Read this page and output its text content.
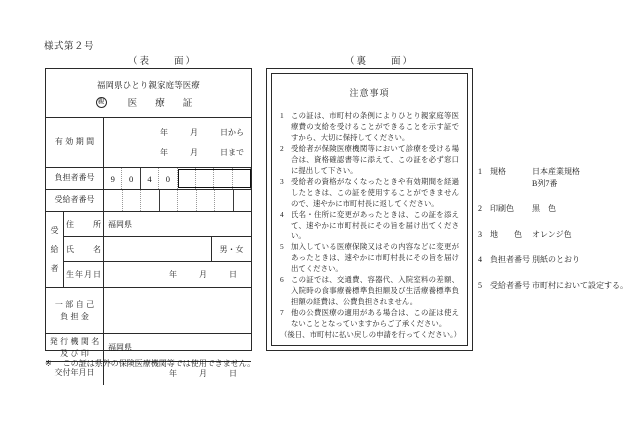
様式第２号
（表　　面）	（裏　　面）
福岡県ひとり親家庭等医療
親	医	療	証
有効期間
年	月	日から
年	月	日まで
負担者番号	9	0	4	0
受給者番号
受
給
者
住　　所 福岡県
氏　　名	男・女
生年月日	年	月	日
一部自己
負担金
発行機関名
及び印
福岡県
交付年月日	年	月	日
※ この証は県外の保険医療機関等では使用できません。
注意事項
1 この証は、市町村の条例によりひとり親家庭等医療費の支給を受けることができることを示す証ですから、大切に保持してください。
2 受給者が保険医療機関等において診療を受ける場合は、資格確認書等に添えて、この証を必ず窓口に提出して下さい。
3 受給者の資格がなくなったときや有効期間を経過したときは、この証を使用することができませんので、速やかに市町村長に返してください。
4 氏名・住所に変更があったときは、この証を添えて、速やかに市町村長にその旨を届け出てください。
5 加入している医療保険又はその内容などに変更があったときは、速やかに市町村長にその旨を届け出てください。
6 この証では、交通費、容器代、入院室料の差額、入院時の食事療養標準負担額及び生活療養標準負担額の経費は、公費負担されません。
7 他の公費医療の適用がある場合は、この証は使えないこととなっていますからご了承ください。
（後日、市町村に払い戻しの申請を行ってください。）
1	規格	日本産業規格
B列7番
2	印刷色	黒　色
3	地　色 オレンジ色
4	負担者番号 別紙のとおり
5	受給者番号 市町村において設定する。
